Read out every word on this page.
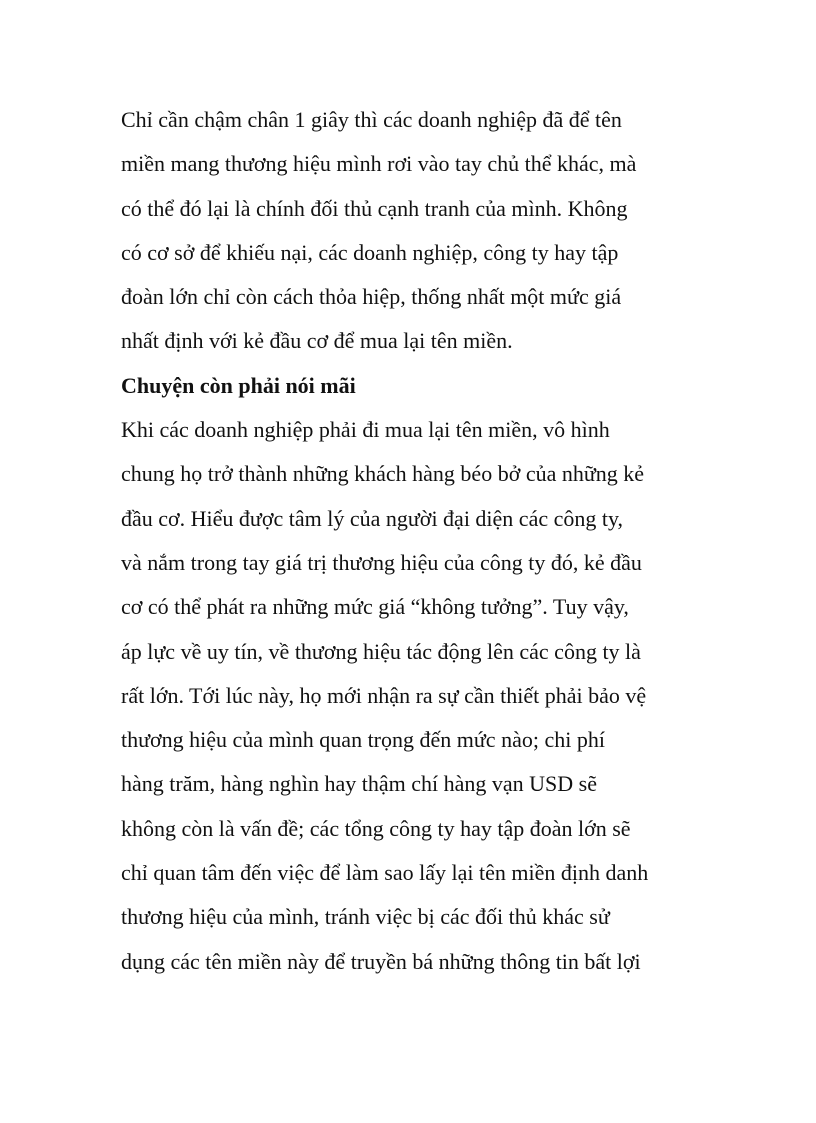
Chỉ cần chậm chân 1 giây thì các doanh nghiệp đã để tên
miền mang thương hiệu mình rơi vào tay chủ thể khác, mà
có thể đó lại là chính đối thủ cạnh tranh của mình. Không
có cơ sở để khiếu nại, các doanh nghiệp, công ty hay tập
đoàn lớn chỉ còn cách thỏa hiệp, thống nhất một mức giá
nhất định với kẻ đầu cơ để mua lại tên miền.
Chuyện còn phải nói mãi
Khi các doanh nghiệp phải đi mua lại tên miền, vô hình
chung họ trở thành những khách hàng béo bở của những kẻ
đầu cơ. Hiểu được tâm lý của người đại diện các công ty,
và nắm trong tay giá trị thương hiệu của công ty đó, kẻ đầu
cơ có thể phát ra những mức giá “không tưởng”. Tuy vậy,
áp lực về uy tín, về thương hiệu tác động lên các công ty là
rất lớn. Tới lúc này, họ mới nhận ra sự cần thiết phải bảo vệ
thương hiệu của mình quan trọng đến mức nào; chi phí
hàng trăm, hàng nghìn hay thậm chí hàng vạn USD sẽ
không còn là vấn đề; các tổng công ty hay tập đoàn lớn sẽ
chỉ quan tâm đến việc để làm sao lấy lại tên miền định danh
thương hiệu của mình, tránh việc bị các đối thủ khác sử
dụng các tên miền này để truyền bá những thông tin bất lợi
